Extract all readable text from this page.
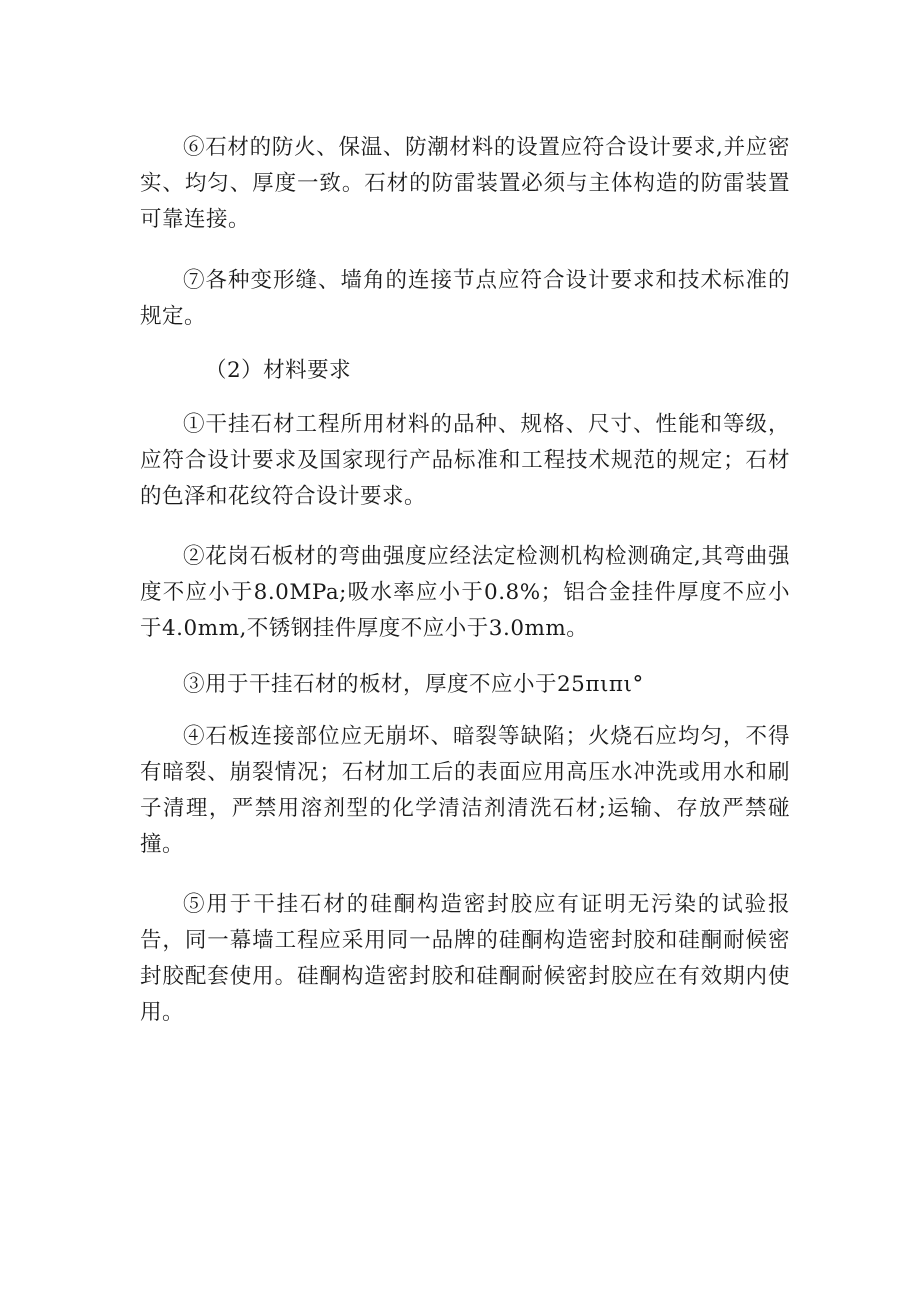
⑥石材的防火、保温、防潮材料的设置应符合设计要求,并应密实、均匀、厚度一致。石材的防雷装置必须与主体构造的防雷装置可靠连接。

⑦各种变形缝、墙角的连接节点应符合设计要求和技术标准的规定。

（2）材料要求

①干挂石材工程所用材料的品种、规格、尺寸、性能和等级，应符合设计要求及国家现行产品标准和工程技术规范的规定；石材的色泽和花纹符合设计要求。

②花岗石板材的弯曲强度应经法定检测机构检测确定,其弯曲强度不应小于8.0MPa;吸水率应小于0.8%；铝合金挂件厚度不应小于4.0mm,不锈钢挂件厚度不应小于3.0mm。

③用于干挂石材的板材，厚度不应小于25πιπι°

④石板连接部位应无崩坏、暗裂等缺陷；火烧石应均匀，不得有暗裂、崩裂情况；石材加工后的表面应用高压水冲洗或用水和刷子清理，严禁用溶剂型的化学清洁剂清洗石材;运输、存放严禁碰撞。

⑤用于干挂石材的硅酮构造密封胶应有证明无污染的试验报告，同一幕墙工程应采用同一品牌的硅酮构造密封胶和硅酮耐候密封胶配套使用。硅酮构造密封胶和硅酮耐候密封胶应在有效期内使用。
